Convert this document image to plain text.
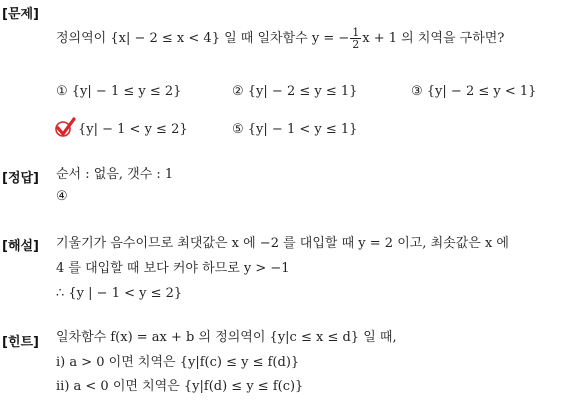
[문제]
정의역이 {x| − 2 ≤ x < 4} 일 때 일차함수 y = − $\frac{1}{2}$ x + 1 의 치역을 구하면?
① {y| − 1 ≤ y ≤ 2}	② {y| − 2 ≤ y ≤ 1}	③ {y| − 2 ≤ y < 1}
{y| − 1 < y ≤ 2}	⑤ {y| − 1 < y ≤ 1}
[정답] 순서 : 없음, 갯수 : 1
④
[해설] 기울기가 음수이므로 최댓값은 x 에 −2 를 대입할 때 y = 2 이고, 최솟값은 x 에
4 를 대입할 때 보다 커야 하므로 y > −1
∴ {y | − 1 < y ≤ 2}
[힌트] 일차함수 f(x) = ax + b 의 정의역이 {y|c ≤ x ≤ d} 일 때,
i) a > 0 이면 치역은 {y|f(c) ≤ y ≤ f(d)}
ii) a < 0 이면 치역은 {y|f(d) ≤ y ≤ f(c)}
